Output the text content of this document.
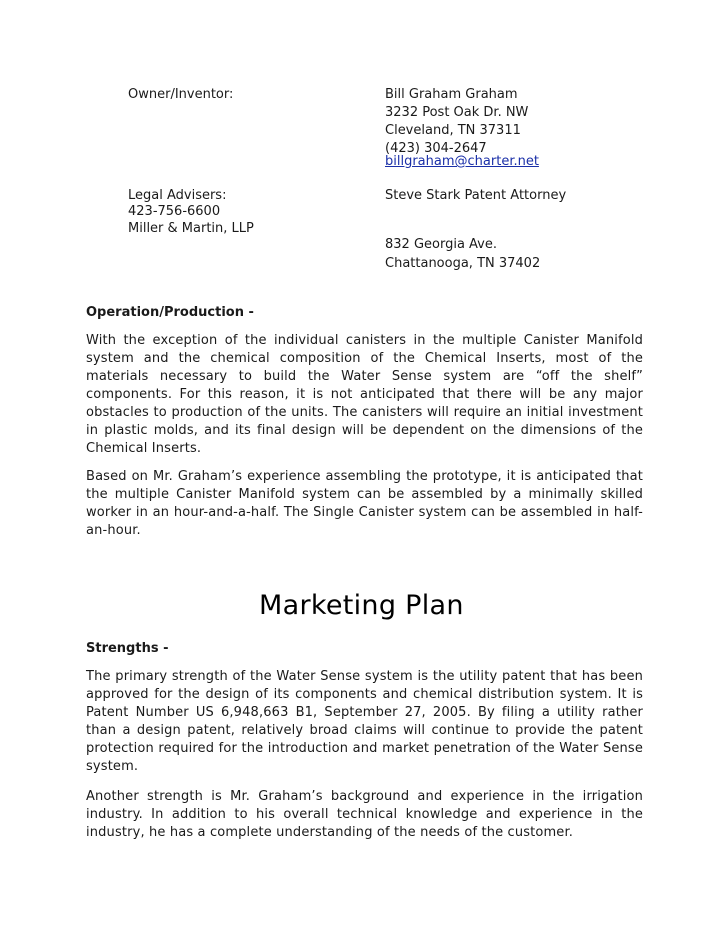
Owner/Inventor:	Bill Graham Graham
3232 Post Oak Dr. NW
Cleveland, TN 37311
(423) 304-2647
billgraham@charter.net
Legal Advisers:	Steve Stark Patent Attorney
423-756-6600
Miller & Martin, LLP
832 Georgia Ave.
Chattanooga, TN 37402
Operation/Production -
With the exception of the individual canisters in the multiple Canister Manifold system and the chemical composition of the Chemical Inserts, most of the materials necessary to build the Water Sense system are “off the shelf” components. For this reason, it is not anticipated that there will be any major obstacles to production of the units. The canisters will require an initial investment in plastic molds, and its final design will be dependent on the dimensions of the Chemical Inserts.
Based on Mr. Graham’s experience assembling the prototype, it is anticipated that the multiple Canister Manifold system can be assembled by a minimally skilled worker in an hour-and-a-half. The Single Canister system can be assembled in half-an-hour.
Marketing Plan
Strengths -
The primary strength of the Water Sense system is the utility patent that has been approved for the design of its components and chemical distribution system. It is Patent Number US 6,948,663 B1, September 27, 2005. By filing a utility rather than a design patent, relatively broad claims will continue to provide the patent protection required for the introduction and market penetration of the Water Sense system.
Another strength is Mr. Graham’s background and experience in the irrigation industry. In addition to his overall technical knowledge and experience in the industry, he has a complete understanding of the needs of the customer.
